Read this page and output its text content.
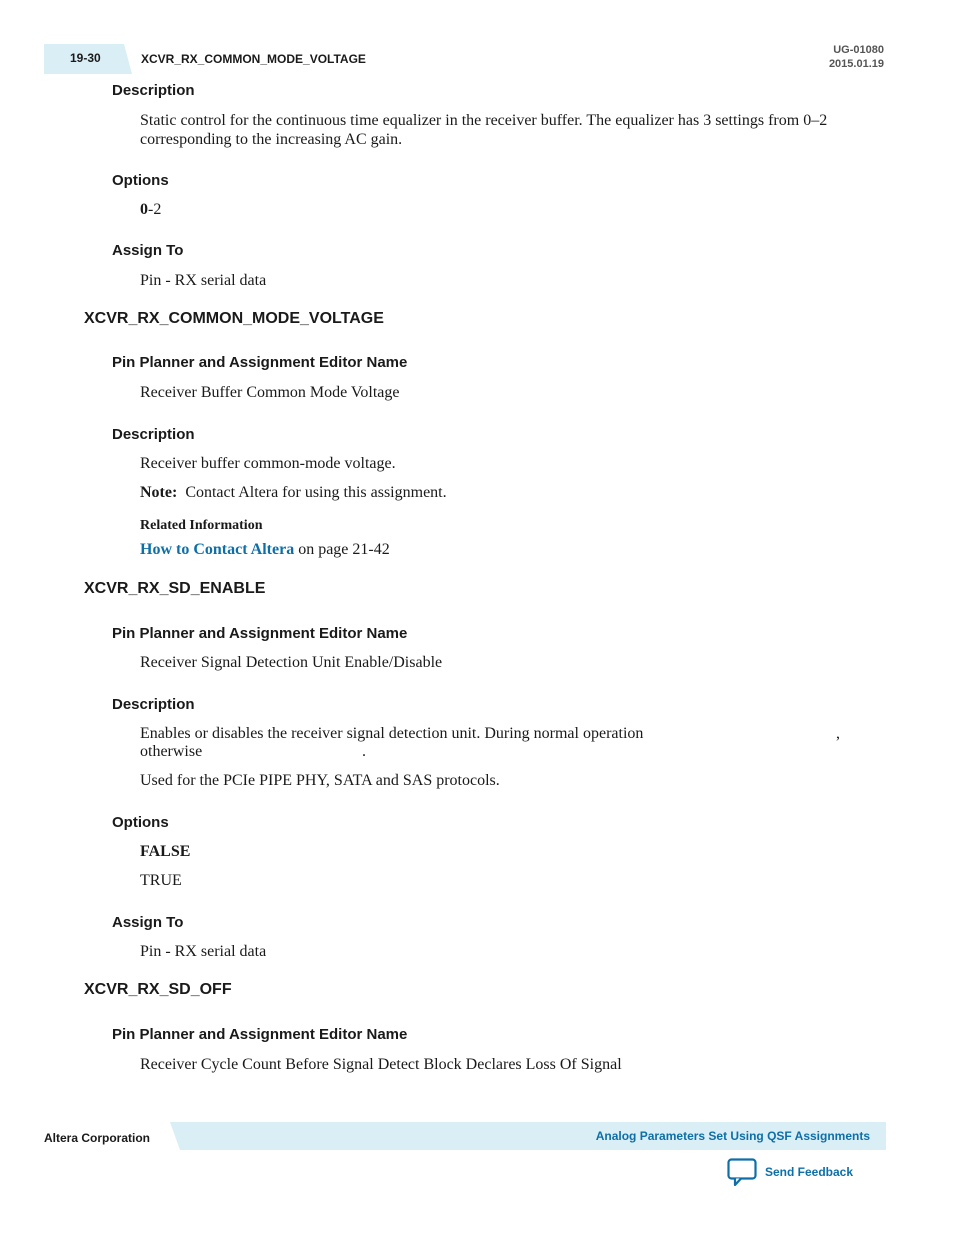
19-30	XCVR_RX_COMMON_MODE_VOLTAGE
UG-01080
2015.01.19
Description
Static control for the continuous time equalizer in the receiver buffer. The equalizer has 3 settings from 0–2 corresponding to the increasing AC gain.
Options
0-2
Assign To
Pin - RX serial data
XCVR_RX_COMMON_MODE_VOLTAGE
Pin Planner and Assignment Editor Name
Receiver Buffer Common Mode Voltage
Description
Receiver buffer common-mode voltage.
Note: Contact Altera for using this assignment.
Related Information
How to Contact Altera on page 21-42
XCVR_RX_SD_ENABLE
Pin Planner and Assignment Editor Name
Receiver Signal Detection Unit Enable/Disable
Description
Enables or disables the receiver signal detection unit. During normal operation	,
otherwise	.
Used for the PCIe PIPE PHY, SATA and SAS protocols.
Options
FALSE
TRUE
Assign To
Pin - RX serial data
XCVR_RX_SD_OFF
Pin Planner and Assignment Editor Name
Receiver Cycle Count Before Signal Detect Block Declares Loss Of Signal
Altera Corporation	Analog Parameters Set Using QSF Assignments
Send Feedback
